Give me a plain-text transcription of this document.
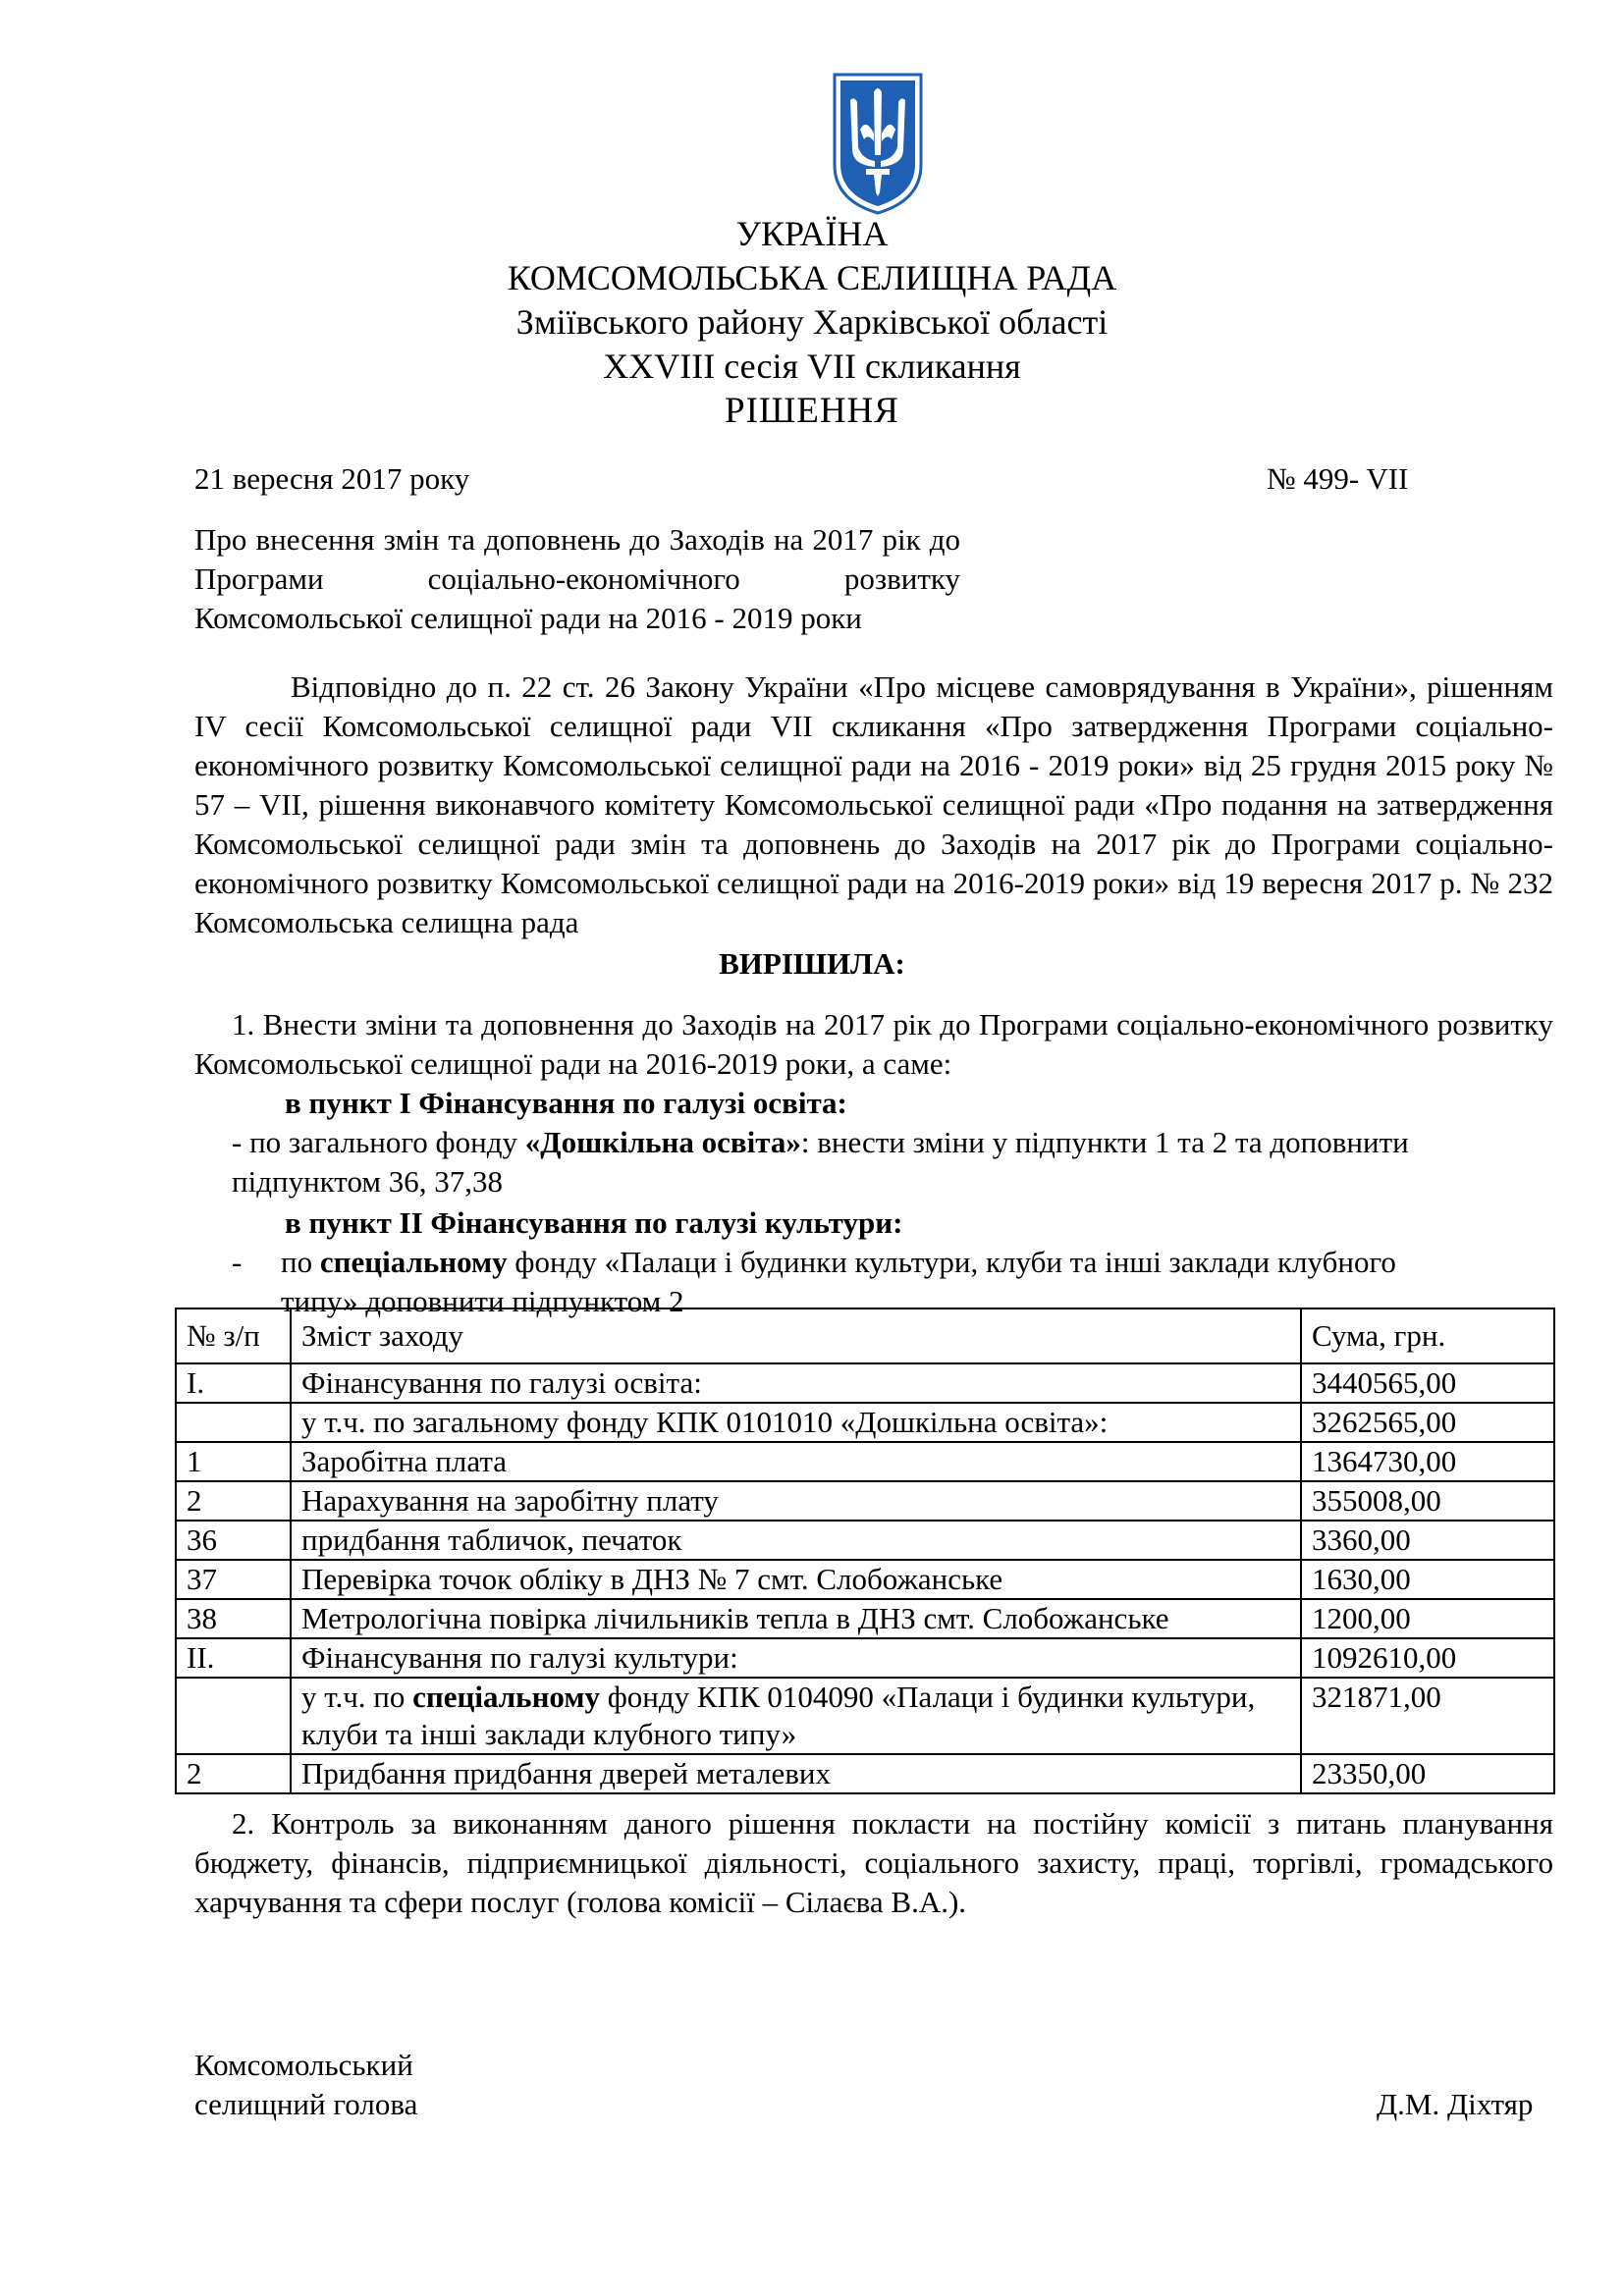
УКРАЇНА
КОМСОМОЛЬСЬКА СЕЛИЩНА РАДА
Зміївського району Харківської області
XXVIII сесія VII скликання
РІШЕННЯ
21 вересня 2017 року	№ 499- VII
Про внесення змін та доповнень до Заходів на 2017 рік до Програми соціально-економічного розвитку Комсомольської селищної ради на 2016 - 2019 роки
Відповідно до п. 22 ст. 26 Закону України «Про місцеве самоврядування в України», рішенням IV сесії Комсомольської селищної ради VII скликання «Про затвердження Програми соціально-економічного розвитку Комсомольської селищної ради на 2016 - 2019 роки» від 25 грудня 2015 року № 57 – VII, рішення виконавчого комітету Комсомольської селищної ради «Про подання на затвердження Комсомольської селищної ради змін та доповнень до Заходів на 2017 рік до Програми соціально-економічного розвитку Комсомольської селищної ради на 2016-2019 роки» від 19 вересня 2017 р. № 232 Комсомольська селищна рада
ВИРІШИЛА:
1. Внести зміни та доповнення до Заходів на 2017 рік до Програми соціально-економічного розвитку Комсомольської селищної ради на 2016-2019 роки, а саме:
в пункт I Фінансування по галузі освіта:
- по загального фонду «Дошкільна освіта»: внести зміни у підпункти 1 та 2 та доповнити
підпунктом 36, 37,38
в пункт II Фінансування по галузі культури:
- по спеціальному фонду «Палаци і будинки культури, клуби та інші заклади клубного
типу» доповнити підпунктом 2
№ з/п	Зміст заходу	Сума, грн.
I.	Фінансування по галузі освіта:	3440565,00
	у т.ч. по загальному фонду КПК 0101010 «Дошкільна освіта»:	3262565,00
1	Заробітна плата	1364730,00
2	Нарахування на заробітну плату	355008,00
36	придбання табличок, печаток	3360,00
37	Перевірка точок обліку в ДНЗ № 7 смт. Слобожанське	1630,00
38	Метрологічна повірка лічильників тепла в ДНЗ смт. Слобожанське	1200,00
II.	Фінансування по галузі культури:	1092610,00
	у т.ч. по спеціальному фонду КПК 0104090 «Палаци і будинки культури, клуби та інші заклади клубного типу»	321871,00
2	Придбання придбання дверей металевих	23350,00
2. Контроль за виконанням даного рішення покласти на постійну комісії з питань планування бюджету, фінансів, підприємницької діяльності, соціального захисту, праці, торгівлі, громадського харчування та сфери послуг (голова комісії – Сілаєва В.А.).
Комсомольський
селищний голова	Д.М. Діхтяр
